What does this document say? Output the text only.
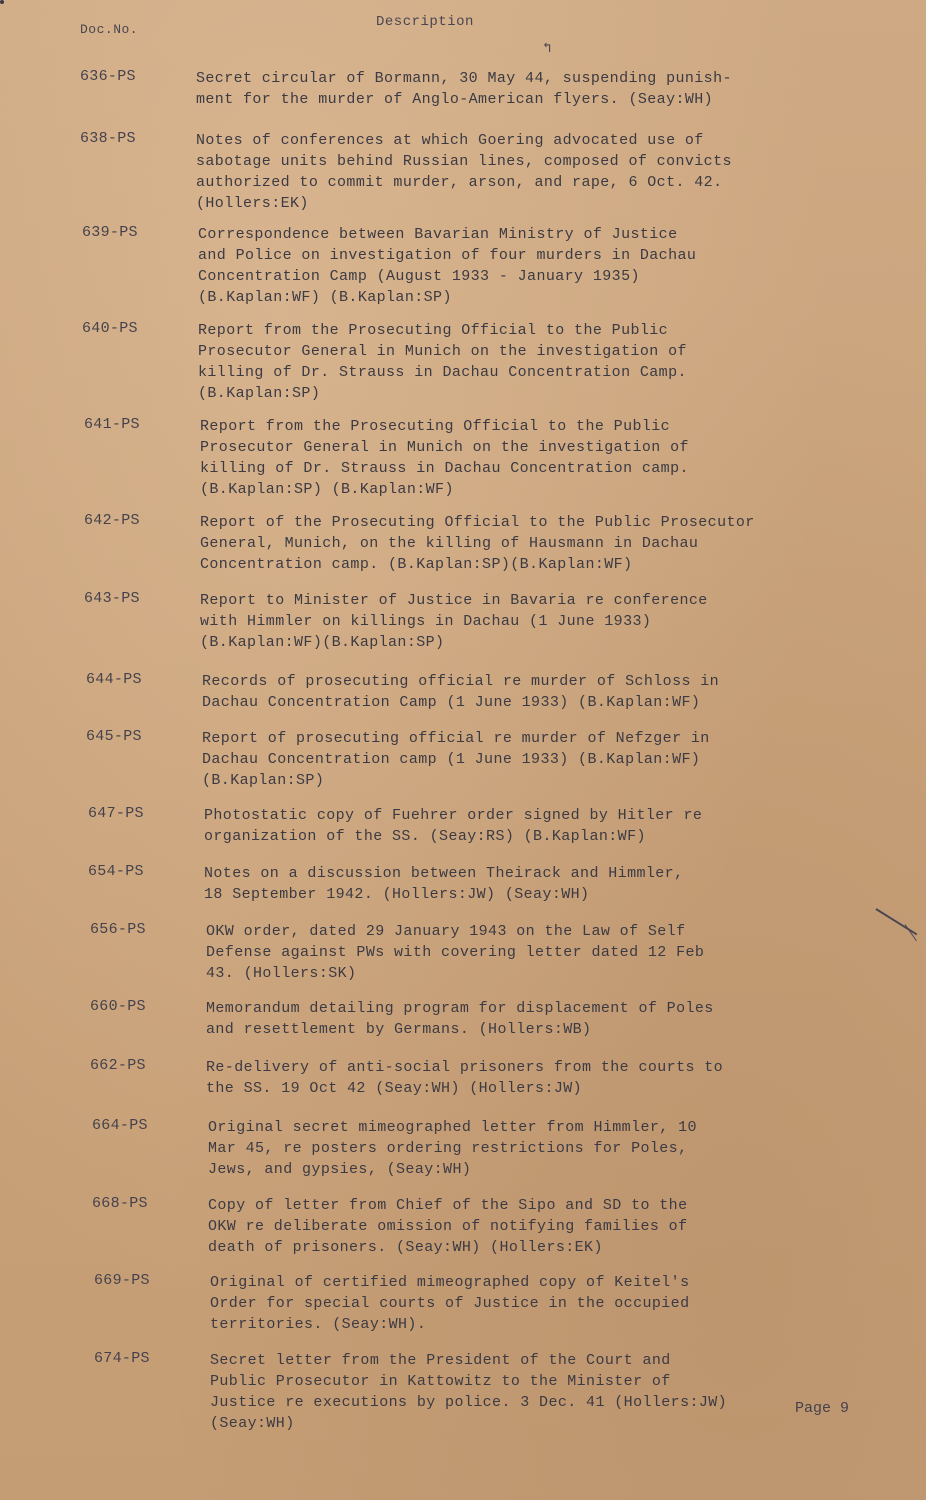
↰
Doc.No.	Description
636-PS	Secret circular of Bormann, 30 May 44, suspending punish-
ment for the murder of Anglo-American flyers. (Seay:WH)
638-PS	Notes of conferences at which Goering advocated use of
sabotage units behind Russian lines, composed of convicts
authorized to commit murder, arson, and rape, 6 Oct. 42.
(Hollers:EK)
639-PS	Correspondence between Bavarian Ministry of Justice
and Police on investigation of four murders in Dachau
Concentration Camp (August 1933 - January 1935)
(B.Kaplan:WF) (B.Kaplan:SP)
640-PS	Report from the Prosecuting Official to the Public
Prosecutor General in Munich on the investigation of
killing of Dr. Strauss in Dachau Concentration Camp.
(B.Kaplan:SP)
641-PS	Report from the Prosecuting Official to the Public
Prosecutor General in Munich on the investigation of
killing of Dr. Strauss in Dachau Concentration camp.
(B.Kaplan:SP) (B.Kaplan:WF)
642-PS	Report of the Prosecuting Official to the Public Prosecutor
General, Munich, on the killing of Hausmann in Dachau
Concentration camp. (B.Kaplan:SP)(B.Kaplan:WF)
643-PS	Report to Minister of Justice in Bavaria re conference
with Himmler on killings in Dachau (1 June 1933)
(B.Kaplan:WF)(B.Kaplan:SP)
644-PS	Records of prosecuting official re murder of Schloss in
Dachau Concentration Camp (1 June 1933) (B.Kaplan:WF)
645-PS	Report of prosecuting official re murder of Nefzger in
Dachau Concentration camp (1 June 1933) (B.Kaplan:WF)
(B.Kaplan:SP)
647-PS	Photostatic copy of Fuehrer order signed by Hitler re
organization of the SS. (Seay:RS) (B.Kaplan:WF)
654-PS	Notes on a discussion between Theirack and Himmler,
18 September 1942. (Hollers:JW) (Seay:WH)
656-PS	OKW order, dated 29 January 1943 on the Law of Self
Defense against PWs with covering letter dated 12 Feb
43. (Hollers:SK)
660-PS	Memorandum detailing program for displacement of Poles
and resettlement by Germans. (Hollers:WB)
662-PS	Re-delivery of anti-social prisoners from the courts to
the SS. 19 Oct 42 (Seay:WH) (Hollers:JW)
664-PS	Original secret mimeographed letter from Himmler, 10
Mar 45, re posters ordering restrictions for Poles,
Jews, and gypsies, (Seay:WH)
668-PS	Copy of letter from Chief of the Sipo and SD to the
OKW re deliberate omission of notifying families of
death of prisoners. (Seay:WH) (Hollers:EK)
669-PS	Original of certified mimeographed copy of Keitel's
Order for special courts of Justice in the occupied
territories. (Seay:WH).
674-PS	Secret letter from the President of the Court and
Public Prosecutor in Kattowitz to the Minister of
Justice re executions by police. 3 Dec. 41 (Hollers:JW)
(Seay:WH)
Page 9
